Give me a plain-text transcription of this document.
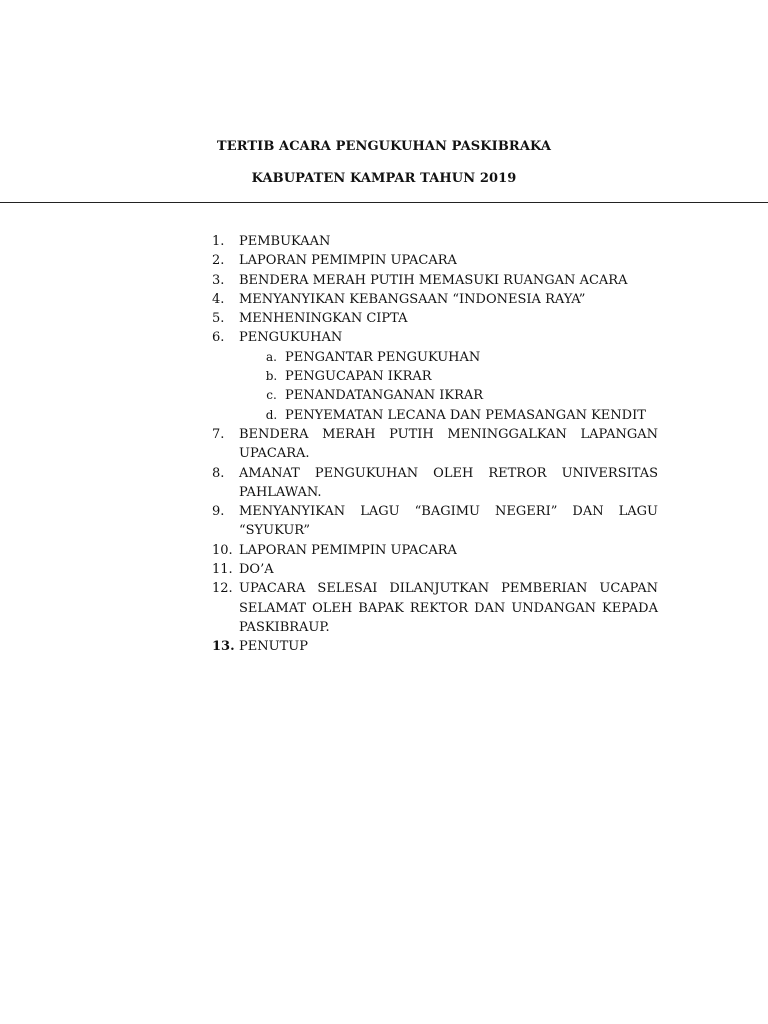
TERTIB ACARA PENGUKUHAN PASKIBRAKA
KABUPATEN KAMPAR TAHUN 2019
1.	PEMBUKAAN
2.	LAPORAN PEMIMPIN UPACARA
3.	BENDERA MERAH PUTIH MEMASUKI RUANGAN ACARA
4.	MENYANYIKAN KEBANGSAAN “INDONESIA RAYA”
5.	MENHENINGKAN CIPTA
6.	PENGUKUHAN
a. PENGANTAR PENGUKUHAN
b. PENGUCAPAN IKRAR
c. PENANDATANGANAN IKRAR
d. PENYEMATAN LECANA DAN PEMASANGAN KENDIT
7.	BENDERA MERAH PUTIH MENINGGALKAN LAPANGAN UPACARA.
8.	AMANAT PENGUKUHAN OLEH RETROR UNIVERSITAS PAHLAWAN.
9.	MENYANYIKAN LAGU “BAGIMU NEGERI” DAN LAGU “SYUKUR”
10. LAPORAN PEMIMPIN UPACARA
11. DO’A
12. UPACARA SELESAI DILANJUTKAN PEMBERIAN UCAPAN SELAMAT OLEH BAPAK REKTOR DAN UNDANGAN KEPADA PASKIBRAUP.
13. PENUTUP
